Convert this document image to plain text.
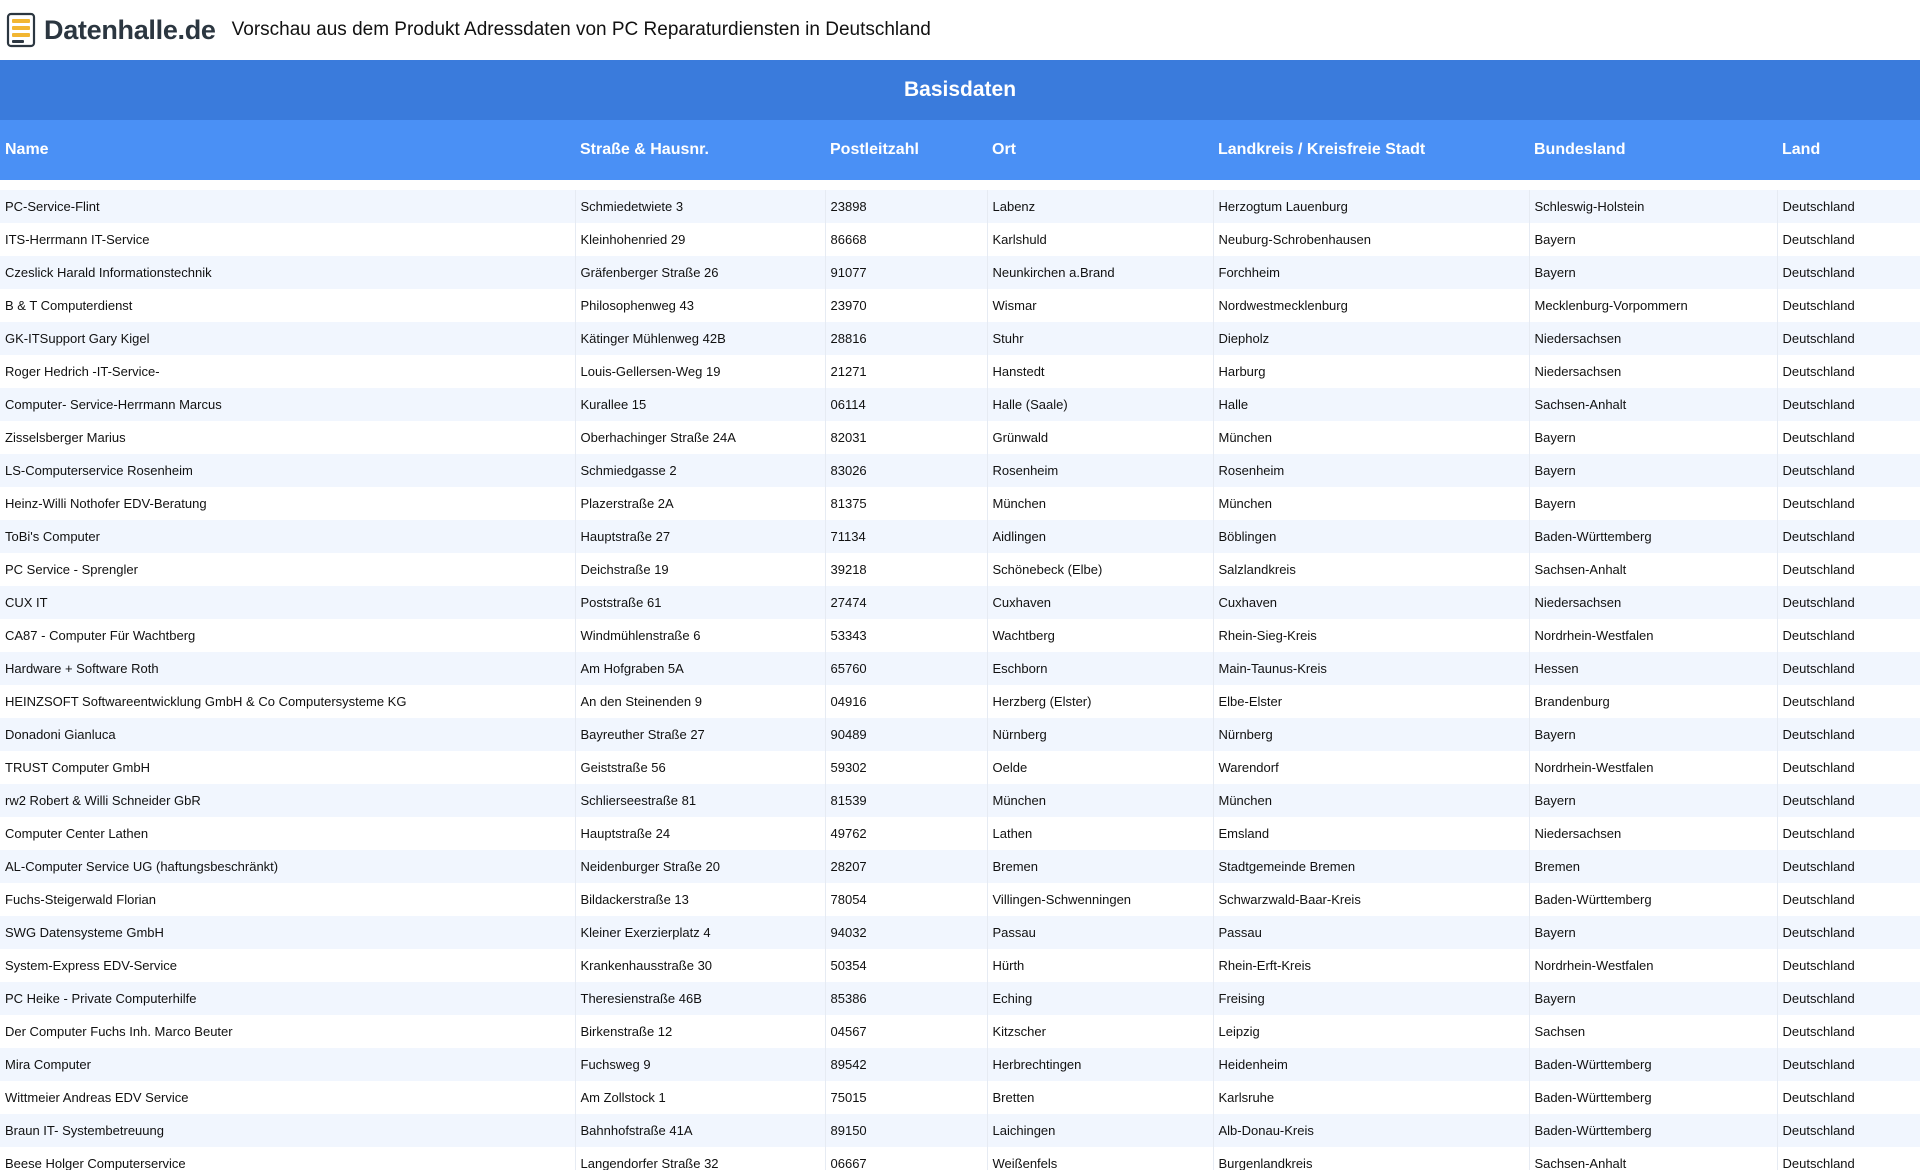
Datenhalle.de Vorschau aus dem Produkt Adressdaten von PC Reparaturdiensten in Deutschland
Basisdaten						
Name	Straße & Hausnr.	Postleitzahl	Ort	Landkreis / Kreisfreie Stadt	Bundesland	Land

PC-Service-Flint	Schmiedetwiete 3	23898	Labenz	Herzogtum Lauenburg	Schleswig-Holstein	Deutschland
ITS-Herrmann IT-Service	Kleinhohenried 29	86668	Karlshuld	Neuburg-Schrobenhausen	Bayern	Deutschland
Czeslick Harald Informationstechnik	Gräfenberger Straße 26	91077	Neunkirchen a.Brand	Forchheim	Bayern	Deutschland
B & T Computerdienst	Philosophenweg 43	23970	Wismar	Nordwestmecklenburg	Mecklenburg-Vorpommern	Deutschland
GK-ITSupport Gary Kigel	Kätinger Mühlenweg 42B	28816	Stuhr	Diepholz	Niedersachsen	Deutschland
Roger Hedrich -IT-Service-	Louis-Gellersen-Weg 19	21271	Hanstedt	Harburg	Niedersachsen	Deutschland
Computer- Service-Herrmann Marcus	Kurallee 15	06114	Halle (Saale)	Halle	Sachsen-Anhalt	Deutschland
Zisselsberger Marius	Oberhachinger Straße 24A	82031	Grünwald	München	Bayern	Deutschland
LS-Computerservice Rosenheim	Schmiedgasse 2	83026	Rosenheim	Rosenheim	Bayern	Deutschland
Heinz-Willi Nothofer EDV-Beratung	Plazerstraße 2A	81375	München	München	Bayern	Deutschland
ToBi's Computer	Hauptstraße 27	71134	Aidlingen	Böblingen	Baden-Württemberg	Deutschland
PC Service - Sprengler	Deichstraße 19	39218	Schönebeck (Elbe)	Salzlandkreis	Sachsen-Anhalt	Deutschland
CUX IT	Poststraße 61	27474	Cuxhaven	Cuxhaven	Niedersachsen	Deutschland
CA87 - Computer Für Wachtberg	Windmühlenstraße 6	53343	Wachtberg	Rhein-Sieg-Kreis	Nordrhein-Westfalen	Deutschland
Hardware + Software Roth	Am Hofgraben 5A	65760	Eschborn	Main-Taunus-Kreis	Hessen	Deutschland
HEINZSOFT Softwareentwicklung GmbH & Co Computersysteme KG	An den Steinenden 9	04916	Herzberg (Elster)	Elbe-Elster	Brandenburg	Deutschland
Donadoni Gianluca	Bayreuther Straße 27	90489	Nürnberg	Nürnberg	Bayern	Deutschland
TRUST Computer GmbH	Geiststraße 56	59302	Oelde	Warendorf	Nordrhein-Westfalen	Deutschland
rw2 Robert & Willi Schneider GbR	Schlierseestraße 81	81539	München	München	Bayern	Deutschland
Computer Center Lathen	Hauptstraße 24	49762	Lathen	Emsland	Niedersachsen	Deutschland
AL-Computer Service UG (haftungsbeschränkt)	Neidenburger Straße 20	28207	Bremen	Stadtgemeinde Bremen	Bremen	Deutschland
Fuchs-Steigerwald Florian	Bildackerstraße 13	78054	Villingen-Schwenningen	Schwarzwald-Baar-Kreis	Baden-Württemberg	Deutschland
SWG Datensysteme GmbH	Kleiner Exerzierplatz 4	94032	Passau	Passau	Bayern	Deutschland
System-Express EDV-Service	Krankenhausstraße 30	50354	Hürth	Rhein-Erft-Kreis	Nordrhein-Westfalen	Deutschland
PC Heike - Private Computerhilfe	Theresienstraße 46B	85386	Eching	Freising	Bayern	Deutschland
Der Computer Fuchs Inh. Marco Beuter	Birkenstraße 12	04567	Kitzscher	Leipzig	Sachsen	Deutschland
Mira Computer	Fuchsweg 9	89542	Herbrechtingen	Heidenheim	Baden-Württemberg	Deutschland
Wittmeier Andreas EDV Service	Am Zollstock 1	75015	Bretten	Karlsruhe	Baden-Württemberg	Deutschland
Braun IT- Systembetreuung	Bahnhofstraße 41A	89150	Laichingen	Alb-Donau-Kreis	Baden-Württemberg	Deutschland
Beese Holger Computerservice	Langendorfer Straße 32	06667	Weißenfels	Burgenlandkreis	Sachsen-Anhalt	Deutschland
